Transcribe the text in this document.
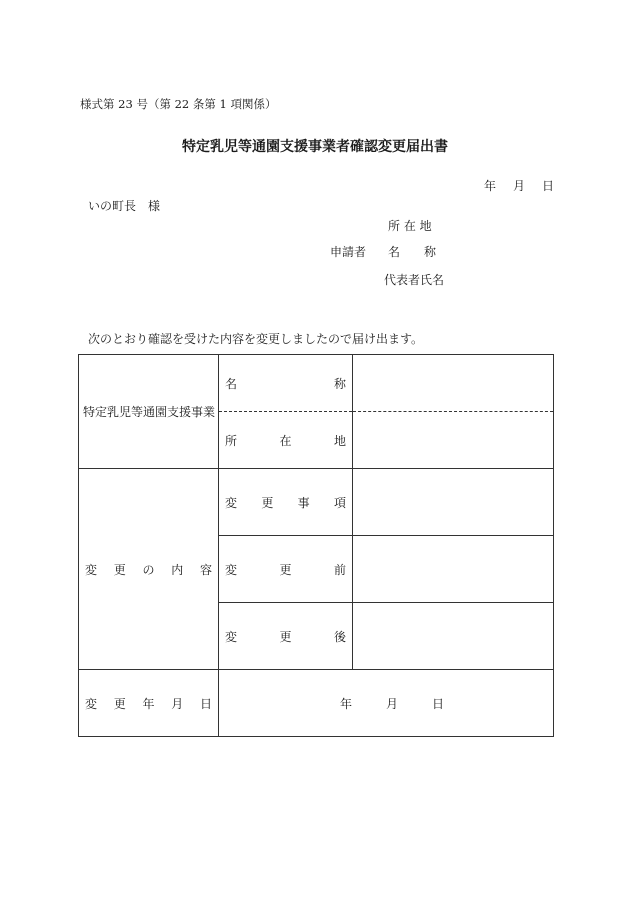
様式第 23 号（第 22 条第 1 項関係）
特定乳児等通園支援事業者確認変更届出書
年	月	日
いの町長　様
所 在 地
申請者 名　　称
代表者氏名
次のとおり確認を受けた内容を変更しましたので届け出ます。
特定乳児等通園支援事業	名 称	

	所 在 地	

変 更 の 内 容	変 更 事 項	

	変 更 前	

	変 更 後	

変 更 年 月 日	年 月 日	
